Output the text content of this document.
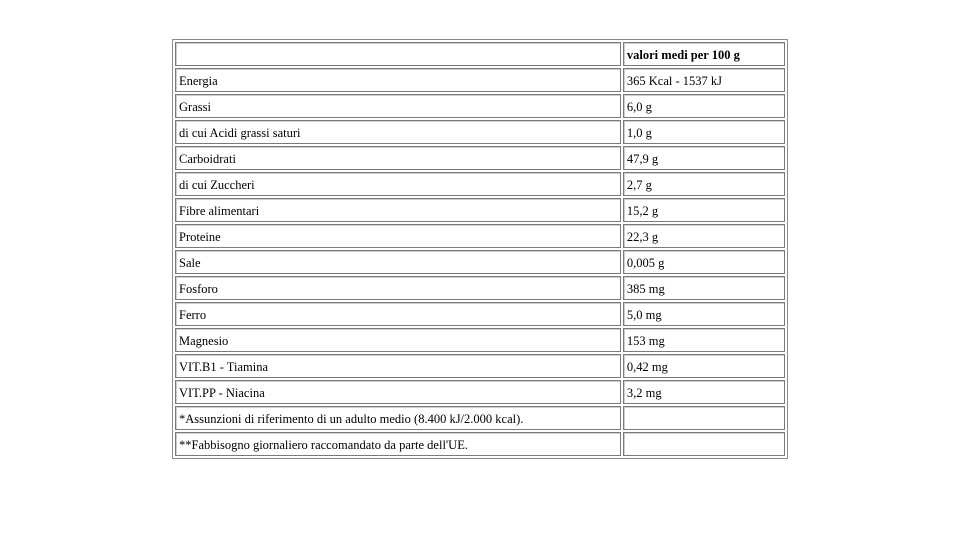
	valori medi per 100 g
Energia	365 Kcal - 1537 kJ
Grassi	6,0 g
di cui Acidi grassi saturi	1,0 g
Carboidrati	47,9 g
di cui Zuccheri	2,7 g
Fibre alimentari	15,2 g
Proteine	22,3 g
Sale	0,005 g
Fosforo	385 mg
Ferro	5,0 mg
Magnesio	153 mg
VIT.B1 - Tiamina	0,42 mg
VIT.PP - Niacina	3,2 mg
*Assunzioni di riferimento di un adulto medio (8.400 kJ/2.000 kcal).	
**Fabbisogno giornaliero raccomandato da parte dell'UE.	
